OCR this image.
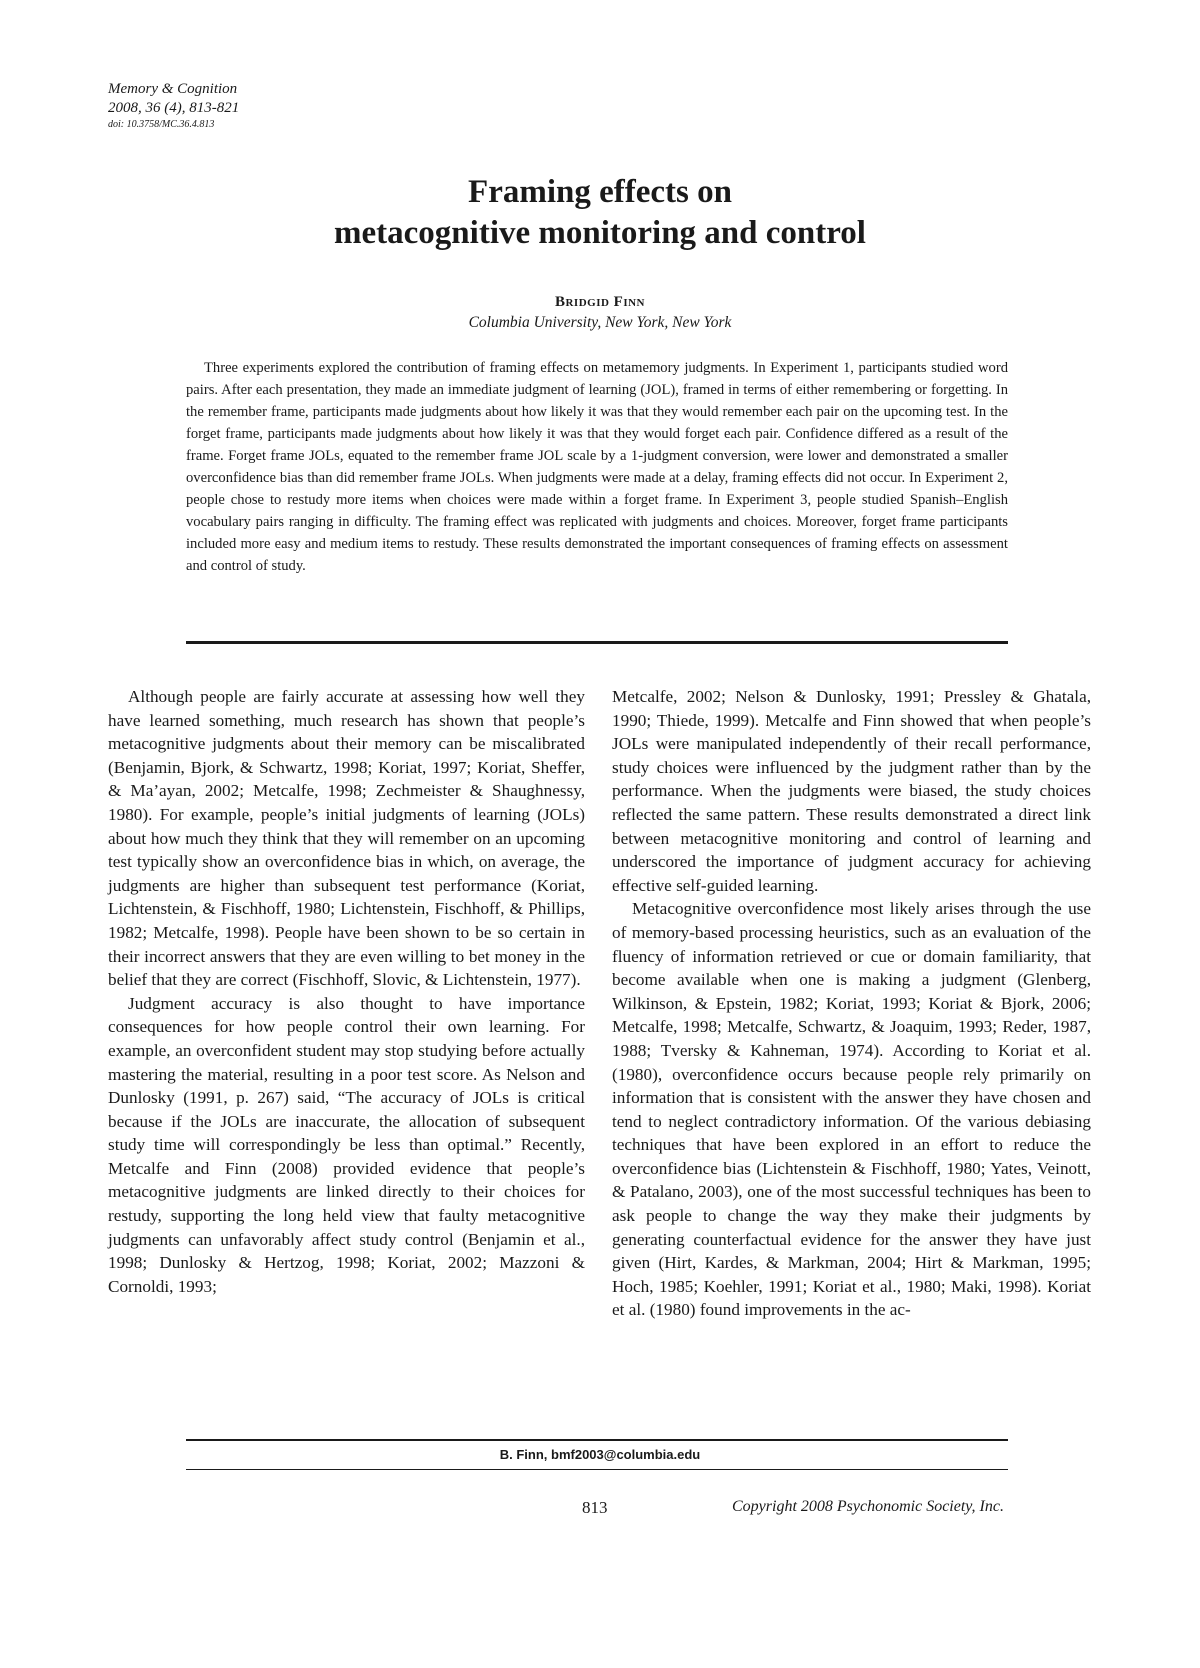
Memory & Cognition
2008, 36 (4), 813-821
doi: 10.3758/MC.36.4.813
Framing effects on
metacognitive monitoring and control
Bridgid Finn
Columbia University, New York, New York

Three experiments explored the contribution of framing effects on metamemory judgments. In Experiment 1, participants studied word pairs. After each presentation, they made an immediate judgment of learning (JOL), framed in terms of either remembering or forgetting. In the remember frame, participants made judgments about how likely it was that they would remember each pair on the upcoming test. In the forget frame, participants made judgments about how likely it was that they would forget each pair. Confidence differed as a result of the frame. Forget frame JOLs, equated to the remember frame JOL scale by a 1-judgment conversion, were lower and demonstrated a smaller overconfidence bias than did remember frame JOLs. When judgments were made at a delay, framing effects did not occur. In Experiment 2, people chose to restudy more items when choices were made within a forget frame. In Experiment 3, people studied Spanish–English vocabulary pairs ranging in difficulty. The framing effect was replicated with judgments and choices. Moreover, forget frame participants included more easy and medium items to restudy. These results demonstrated the important consequences of framing effects on assessment and control of study.

Although people are fairly accurate at assessing how well they have learned something, much research has shown that people’s metacognitive judgments about their memory can be miscalibrated (Benjamin, Bjork, & Schwartz, 1998; Koriat, 1997; Koriat, Sheffer, & Ma’ayan, 2002; Metcalfe, 1998; Zechmeister & Shaughnessy, 1980). For example, people’s initial judgments of learning (JOLs) about how much they think that they will remember on an upcoming test typically show an overconfidence bias in which, on average, the judgments are higher than subsequent test performance (Koriat, Lichtenstein, & Fischhoff, 1980; Lichtenstein, Fischhoff, & Phillips, 1982; Metcalfe, 1998). People have been shown to be so certain in their incorrect answers that they are even willing to bet money in the belief that they are correct (Fischhoff, Slovic, & Lichtenstein, 1977).

Judgment accuracy is also thought to have importance consequences for how people control their own learning. For example, an overconfident student may stop studying before actually mastering the material, resulting in a poor test score. As Nelson and Dunlosky (1991, p. 267) said, “The accuracy of JOLs is critical because if the JOLs are inaccurate, the allocation of subsequent study time will correspondingly be less than optimal.” Recently, Metcalfe and Finn (2008) provided evidence that people’s metacognitive judgments are linked directly to their choices for restudy, supporting the long held view that faulty metacognitive judgments can unfavorably affect study control (Benjamin et al., 1998; Dunlosky & Hertzog, 1998; Koriat, 2002; Mazzoni & Cornoldi, 1993;

Metcalfe, 2002; Nelson & Dunlosky, 1991; Pressley & Ghatala, 1990; Thiede, 1999). Metcalfe and Finn showed that when people’s JOLs were manipulated independently of their recall performance, study choices were influenced by the judgment rather than by the performance. When the judgments were biased, the study choices reflected the same pattern. These results demonstrated a direct link between metacognitive monitoring and control of learning and underscored the importance of judgment accuracy for achieving effective self-guided learning.

Metacognitive overconfidence most likely arises through the use of memory-based processing heuristics, such as an evaluation of the fluency of information retrieved or cue or domain familiarity, that become available when one is making a judgment (Glenberg, Wilkinson, & Epstein, 1982; Koriat, 1993; Koriat & Bjork, 2006; Metcalfe, 1998; Metcalfe, Schwartz, & Joaquim, 1993; Reder, 1987, 1988; Tversky & Kahneman, 1974). According to Koriat et al. (1980), overconfidence occurs because people rely primarily on information that is consistent with the answer they have chosen and tend to neglect contradictory information. Of the various debiasing techniques that have been explored in an effort to reduce the overconfidence bias (Lichtenstein & Fischhoff, 1980; Yates, Veinott, & Patalano, 2003), one of the most successful techniques has been to ask people to change the way they make their judgments by generating counterfactual evidence for the answer they have just given (Hirt, Kardes, & Markman, 2004; Hirt & Markman, 1995; Hoch, 1985; Koehler, 1991; Koriat et al., 1980; Maki, 1998). Koriat et al. (1980) found improvements in the ac-

B. Finn, bmf2003@columbia.edu
813	Copyright 2008 Psychonomic Society, Inc.
